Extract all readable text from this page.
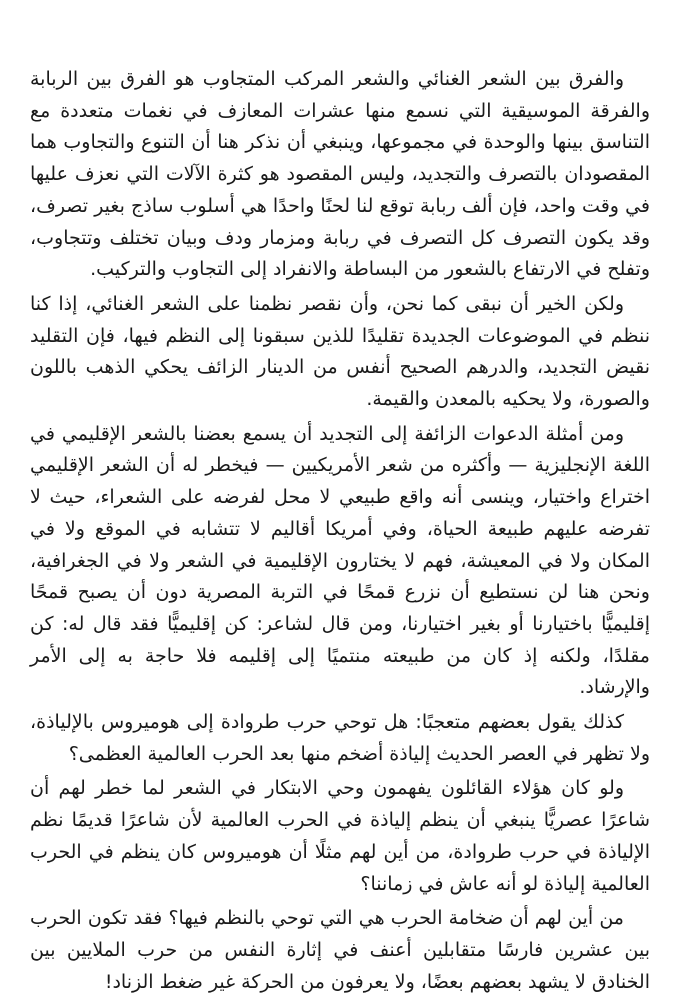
والفرق بين الشعر الغنائي والشعر المركب المتجاوب هو الفرق بين الربابة والفرقة الموسيقية التي نسمع منها عشرات المعازف في نغمات متعددة مع التناسق بينها والوحدة في مجموعها، وينبغي أن نذكر هنا أن التنوع والتجاوب هما المقصودان بالتصرف والتجديد، وليس المقصود هو كثرة الآلات التي نعزف عليها في وقت واحد، فإن ألف ربابة توقع لنا لحنًا واحدًا هي أسلوب ساذج بغير تصرف، وقد يكون التصرف كل التصرف في ربابة ومزمار ودف وبيان تختلف وتتجاوب، وتفلح في الارتفاع بالشعور من البساطة والانفراد إلى التجاوب والتركيب.

ولكن الخير أن نبقى كما نحن، وأن نقصر نظمنا على الشعر الغنائي، إذا كنا ننظم في الموضوعات الجديدة تقليدًا للذين سبقونا إلى النظم فيها، فإن التقليد نقيض التجديد، والدرهم الصحيح أنفس من الدينار الزائف يحكي الذهب باللون والصورة، ولا يحكيه بالمعدن والقيمة.

ومن أمثلة الدعوات الزائفة إلى التجديد أن يسمع بعضنا بالشعر الإقليمي في اللغة الإنجليزية — وأكثره من شعر الأمريكيين — فيخطر له أن الشعر الإقليمي اختراع واختيار، وينسى أنه واقع طبيعي لا محل لفرضه على الشعراء، حيث لا تفرضه عليهم طبيعة الحياة، وفي أمريكا أقاليم لا تتشابه في الموقع ولا في المكان ولا في المعيشة، فهم لا يختارون الإقليمية في الشعر ولا في الجغرافية، ونحن هنا لن نستطيع أن نزرع قمحًا في التربة المصرية دون أن يصبح قمحًا إقليميًّا باختيارنا أو بغير اختيارنا، ومن قال لشاعر: كن إقليميًّا فقد قال له: كن مقلدًا، ولكنه إذ كان من طبيعته منتميًا إلى إقليمه فلا حاجة به إلى الأمر والإرشاد.

كذلك يقول بعضهم متعجبًا: هل توحي حرب طروادة إلى هوميروس بالإلياذة، ولا تظهر في العصر الحديث إلياذة أضخم منها بعد الحرب العالمية العظمى؟

ولو كان هؤلاء القائلون يفهمون وحي الابتكار في الشعر لما خطر لهم أن شاعرًا عصريًّا ينبغي أن ينظم إلياذة في الحرب العالمية لأن شاعرًا قديمًا نظم الإلياذة في حرب طروادة، من أين لهم مثلًا أن هوميروس كان ينظم في الحرب العالمية إلياذة لو أنه عاش في زماننا؟

من أين لهم أن ضخامة الحرب هي التي توحي بالنظم فيها؟ فقد تكون الحرب بين عشرين فارسًا متقابلين أعنف في إثارة النفس من حرب الملايين بين الخنادق لا يشهد بعضهم بعضًا، ولا يعرفون من الحركة غير ضغط الزناد!
